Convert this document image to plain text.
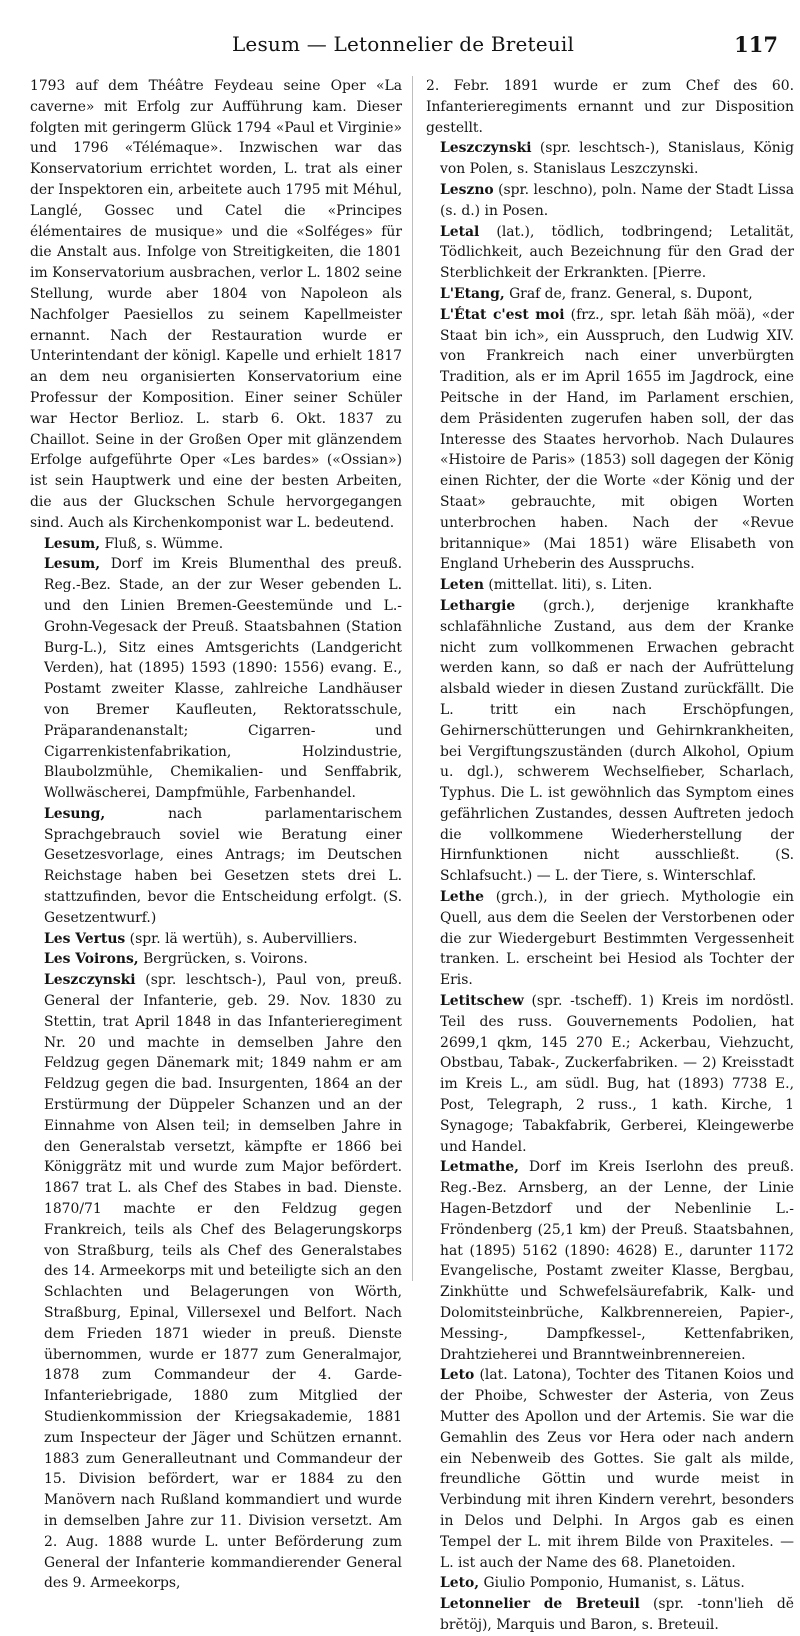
Lesum — Letonnelier de Breteuil	117

1793 auf dem Théâtre Feydeau seine Oper «La caverne» mit Erfolg zur Aufführung kam. Dieser folgten mit geringerm Glück 1794 «Paul et Virginie» und 1796 «Télémaque». Inzwischen war das Konservatorium errichtet worden, L. trat als einer der Inspektoren ein, arbeitete auch 1795 mit Méhul, Langlé, Gossec und Catel die «Principes élémentaires de musique» und die «Solféges» für die Anstalt aus. Infolge von Streitigkeiten, die 1801 im Konservatorium ausbrachen, verlor L. 1802 seine Stellung, wurde aber 1804 von Napoleon als Nachfolger Paesiellos zu seinem Kapellmeister ernannt. Nach der Restauration wurde er Unterintendant der königl. Kapelle und erhielt 1817 an dem neu organisierten Konservatorium eine Professur der Komposition. Einer seiner Schüler war Hector Berlioz. L. starb 6. Okt. 1837 zu Chaillot. Seine in der Großen Oper mit glänzendem Erfolge aufgeführte Oper «Les bardes» («Ossian») ist sein Hauptwerk und eine der besten Arbeiten, die aus der Gluckschen Schule hervorgegangen sind. Auch als Kirchenkomponist war L. bedeutend.

Lesum, Fluß, s. Wümme.

Lesum, Dorf im Kreis Blumenthal des preuß. Reg.-Bez. Stade, an der zur Weser gebenden L. und den Linien Bremen-Geestemünde und L.-Grohn-Vegesack der Preuß. Staatsbahnen (Station Burg-L.), Sitz eines Amtsgerichts (Landgericht Verden), hat (1895) 1593 (1890: 1556) evang. E., Postamt zweiter Klasse, zahlreiche Landhäuser von Bremer Kaufleuten, Rektoratsschule, Präparandenanstalt; Cigarren- und Cigarrenkistenfabrikation, Holzindustrie, Blaubolzmühle, Chemikalien- und Senffabrik, Wollwäscherei, Dampfmühle, Farbenhandel.

Lesung, nach parlamentarischem Sprachgebrauch soviel wie Beratung einer Gesetzesvorlage, eines Antrags; im Deutschen Reichstage haben bei Gesetzen stets drei L. stattzufinden, bevor die Entscheidung erfolgt. (S. Gesetzentwurf.)

Les Vertus (spr. lä wertüh), s. Aubervilliers.

Les Voirons, Bergrücken, s. Voirons.

Leszczynski (spr. leschtsch-), Paul von, preuß. General der Infanterie, geb. 29. Nov. 1830 zu Stettin, trat April 1848 in das Infanterieregiment Nr. 20 und machte in demselben Jahre den Feldzug gegen Dänemark mit; 1849 nahm er am Feldzug gegen die bad. Insurgenten, 1864 an der Erstürmung der Düppeler Schanzen und an der Einnahme von Alsen teil; in demselben Jahre in den Generalstab versetzt, kämpfte er 1866 bei Königgrätz mit und wurde zum Major befördert. 1867 trat L. als Chef des Stabes in bad. Dienste. 1870/71 machte er den Feldzug gegen Frankreich, teils als Chef des Belagerungskorps von Straßburg, teils als Chef des Generalstabes des 14. Armeekorps mit und beteiligte sich an den Schlachten und Belagerungen von Wörth, Straßburg, Epinal, Villersexel und Belfort. Nach dem Frieden 1871 wieder in preuß. Dienste übernommen, wurde er 1877 zum Generalmajor, 1878 zum Commandeur der 4. Garde-Infanteriebrigade, 1880 zum Mitglied der Studienkommission der Kriegsakademie, 1881 zum Inspecteur der Jäger und Schützen ernannt. 1883 zum Generalleutnant und Commandeur der 15. Division befördert, war er 1884 zu den Manövern nach Rußland kommandiert und wurde in demselben Jahre zur 11. Division versetzt. Am 2. Aug. 1888 wurde L. unter Beförderung zum General der Infanterie kommandierender General des 9. Armeekorps,

2. Febr. 1891 wurde er zum Chef des 60. Infanterieregiments ernannt und zur Disposition gestellt.

Leszczynski (spr. leschtsch-), Stanislaus, König von Polen, s. Stanislaus Leszczynski.

Leszno (spr. leschno), poln. Name der Stadt Lissa (s. d.) in Posen.

Letal (lat.), tödlich, todbringend; Letalität, Tödlichkeit, auch Bezeichnung für den Grad der Sterblichkeit der Erkrankten. [Pierre.

L'Etang, Graf de, franz. General, s. Dupont,

L'État c'est moi (frz., spr. letah ßäh möä), «der Staat bin ich», ein Ausspruch, den Ludwig XIV. von Frankreich nach einer unverbürgten Tradition, als er im April 1655 im Jagdrock, eine Peitsche in der Hand, im Parlament erschien, dem Präsidenten zugerufen haben soll, der das Interesse des Staates hervorhob. Nach Dulaures «Histoire de Paris» (1853) soll dagegen der König einen Richter, der die Worte «der König und der Staat» gebrauchte, mit obigen Worten unterbrochen haben. Nach der «Revue britannique» (Mai 1851) wäre Elisabeth von England Urheberin des Ausspruchs.

Leten (mittellat. liti), s. Liten.

Lethargie (grch.), derjenige krankhafte schlafähnliche Zustand, aus dem der Kranke nicht zum vollkommenen Erwachen gebracht werden kann, so daß er nach der Aufrüttelung alsbald wieder in diesen Zustand zurückfällt. Die L. tritt ein nach Erschöpfungen, Gehirnerschütterungen und Gehirnkrankheiten, bei Vergiftungszuständen (durch Alkohol, Opium u. dgl.), schwerem Wechselfieber, Scharlach, Typhus. Die L. ist gewöhnlich das Symptom eines gefährlichen Zustandes, dessen Auftreten jedoch die vollkommene Wiederherstellung der Hirnfunktionen nicht ausschließt. (S. Schlafsucht.) — L. der Tiere, s. Winterschlaf.

Lethe (grch.), in der griech. Mythologie ein Quell, aus dem die Seelen der Verstorbenen oder die zur Wiedergeburt Bestimmten Vergessenheit tranken. L. erscheint bei Hesiod als Tochter der Eris.

Letitschew (spr. -tscheff). 1) Kreis im nordöstl. Teil des russ. Gouvernements Podolien, hat 2699,1 qkm, 145 270 E.; Ackerbau, Viehzucht, Obstbau, Tabak-, Zuckerfabriken. — 2) Kreisstadt im Kreis L., am südl. Bug, hat (1893) 7738 E., Post, Telegraph, 2 russ., 1 kath. Kirche, 1 Synagoge; Tabakfabrik, Gerberei, Kleingewerbe und Handel.

Letmathe, Dorf im Kreis Iserlohn des preuß. Reg.-Bez. Arnsberg, an der Lenne, der Linie Hagen-Betzdorf und der Nebenlinie L.-Fröndenberg (25,1 km) der Preuß. Staatsbahnen, hat (1895) 5162 (1890: 4628) E., darunter 1172 Evangelische, Postamt zweiter Klasse, Bergbau, Zinkhütte und Schwefelsäurefabrik, Kalk- und Dolomitsteinbrüche, Kalkbrennereien, Papier-, Messing-, Dampfkessel-, Kettenfabriken, Drahtzieherei und Branntweinbrennereien.

Leto (lat. Latona), Tochter des Titanen Koios und der Phoibe, Schwester der Asteria, von Zeus Mutter des Apollon und der Artemis. Sie war die Gemahlin des Zeus vor Hera oder nach andern ein Nebenweib des Gottes. Sie galt als milde, freundliche Göttin und wurde meist in Verbindung mit ihren Kindern verehrt, besonders in Delos und Delphi. In Argos gab es einen Tempel der L. mit ihrem Bilde von Praxiteles. — L. ist auch der Name des 68. Planetoiden.

Leto, Giulio Pomponio, Humanist, s. Lätus.

Letonnelier de Breteuil (spr. -tonn'lieh dĕ brĕtöj), Marquis und Baron, s. Breteuil.
